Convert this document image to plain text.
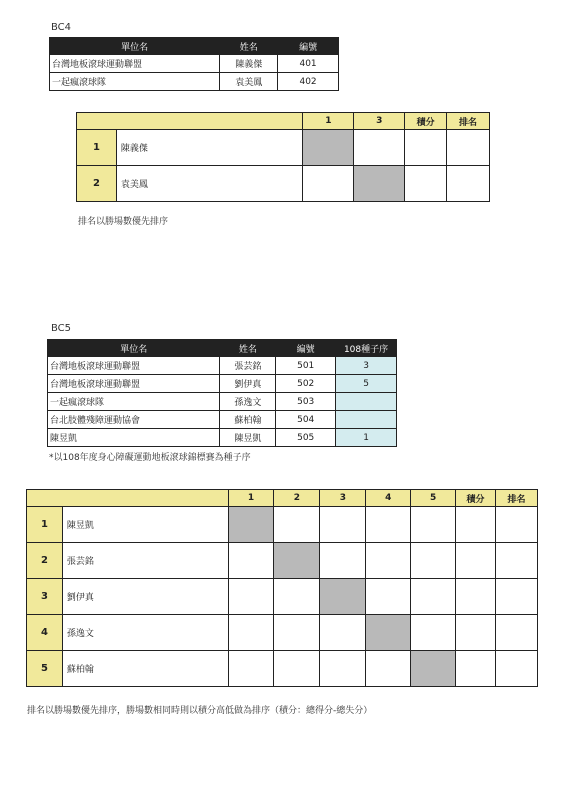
BC4
單位名	姓名	編號
台灣地板滾球運動聯盟	陳義傑	401
一起瘋滾球隊	袁美鳳	402
		1	3	積分	排名
1	陳義傑				
2	袁美鳳				
排名以勝場數優先排序
BC5
單位名	姓名	編號	108種子序
台灣地板滾球運動聯盟	張芸銘	501	3
台灣地板滾球運動聯盟	劉伊真	502	5
一起瘋滾球隊	孫逸文	503	
台北肢體殘障運動協會	蘇柏翰	504	
陳昱凱	陳昱凱	505	1
*以108年度身心障礙運動地板滾球錦標賽為種子序
		1	2	3	4	5	積分	排名
1	陳昱凱							
2	張芸銘							
3	劉伊真							
4	孫逸文							
5	蘇柏翰							
排名以勝場數優先排序，勝場數相同時則以積分高低做為排序（積分：總得分-總失分）
